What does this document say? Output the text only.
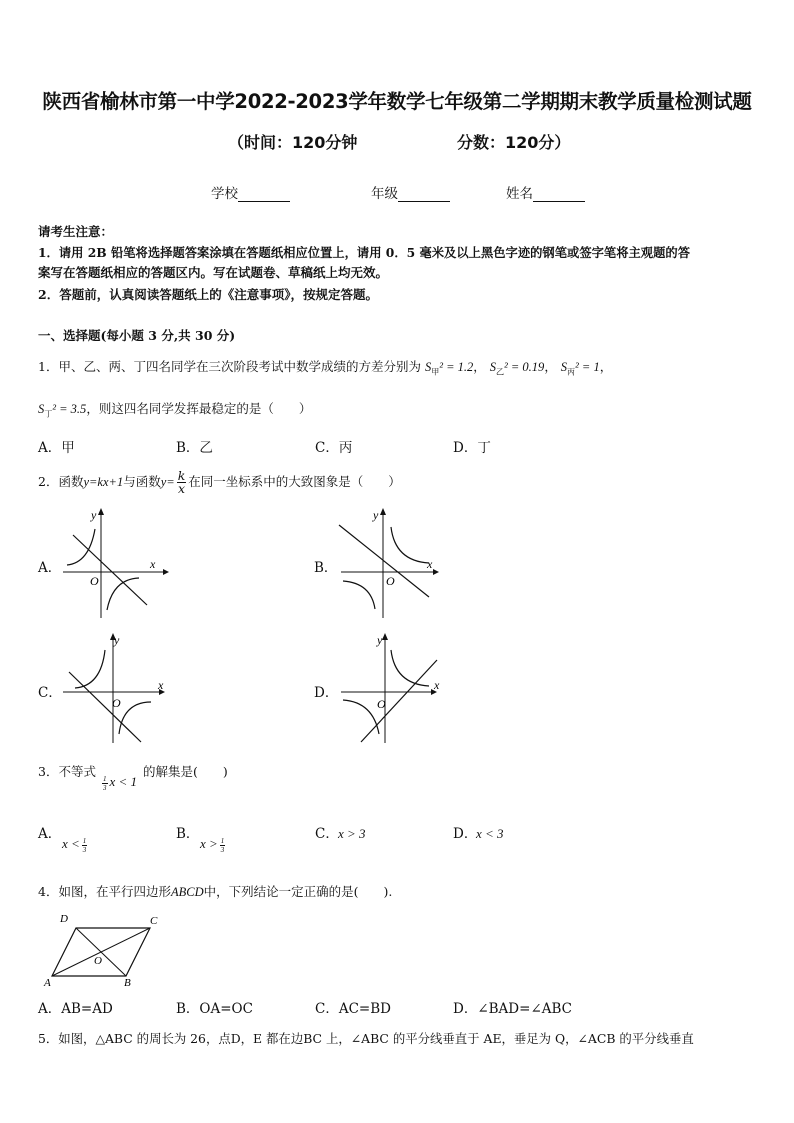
陕西省榆林市第一中学2022-2023学年数学七年级第二学期期末教学质量检测试题
（时间：120分钟	分数：120分）
学校	年级	姓名
请考生注意：
1．请用 2B 铅笔将选择题答案涂填在答题纸相应位置上，请用 0．5 毫米及以上黑色字迹的钢笔或签字笔将主观题的答
案写在答题纸相应的答题区内。写在试题卷、草稿纸上均无效。
2．答题前，认真阅读答题纸上的《注意事项》，按规定答题。
一、选择题(每小题 3 分,共 30 分)
1．甲、乙、两、丁四名同学在三次阶段考试中数学成绩的方差分别为 $S_甲^2 = 1.2$， $S_乙^2 = 0.19$， $S_丙^2 = 1$，
$S_丁^2 = 3.5$，则这四名同学发挥最稳定的是（　　）
A．甲	B．乙	C．丙	D．丁
2．函数y=kx+1与函数$y= \frac{k}{x}$ 在同一坐标系中的大致图象是（　　）
A．	B．
C．	D．
x
y
O
x
y
O
x
y
O
x
y
O
3．不等式	的解集是(　　)
$\frac{1}{3}$ x < 1
A．
$x < \frac{1}{3}$
B．
$x > \frac{1}{3}$
C． x > 3	D．
x < 3
4．如图，在平行四边形ABCD中，下列结论一定正确的是(　　).
A	B
C
D
O
A．AB=AD	B．OA=OC	C．AC=BD	D．∠BAD=∠ABC
5．如图，△ABC 的周长为 26，点D，E 都在边BC 上，∠ABC 的平分线垂直于 AE，垂足为 Q，∠ACB 的平分线垂直
